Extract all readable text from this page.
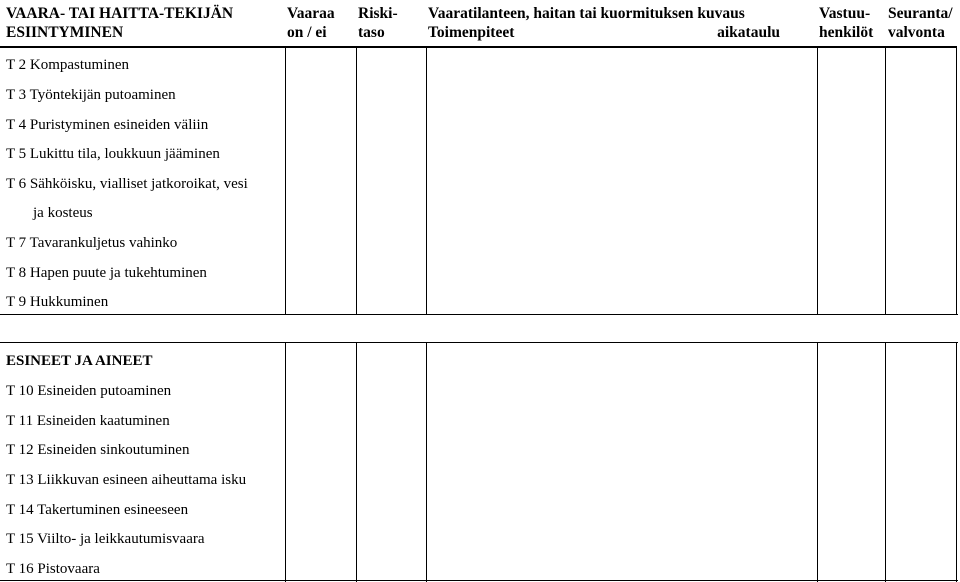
VAARA- TAI HAITTA-TEKIJÄN
ESIINTYMINEN
Vaaraa
on / ei
Riski-
taso
Vaaratilanteen, haitan tai kuormituksen kuvaus
Toimenpiteet	aikataulu
Vastuu-
henkilöt
Seuranta/
valvonta
T 2 Kompastuminen
T 3 Työntekijän putoaminen
T 4 Puristyminen esineiden väliin
T 5 Lukittu tila, loukkuun jääminen
T 6 Sähköisku, vialliset jatkoroikat, vesi
ja kosteus
T 7 Tavarankuljetus vahinko
T 8 Hapen puute ja tukehtuminen
T 9 Hukkuminen
ESINEET JA AINEET
T 10 Esineiden putoaminen
T 11 Esineiden kaatuminen
T 12 Esineiden sinkoutuminen
T 13 Liikkuvan esineen aiheuttama isku
T 14 Takertuminen esineeseen
T 15 Viilto- ja leikkautumisvaara
T 16 Pistovaara
